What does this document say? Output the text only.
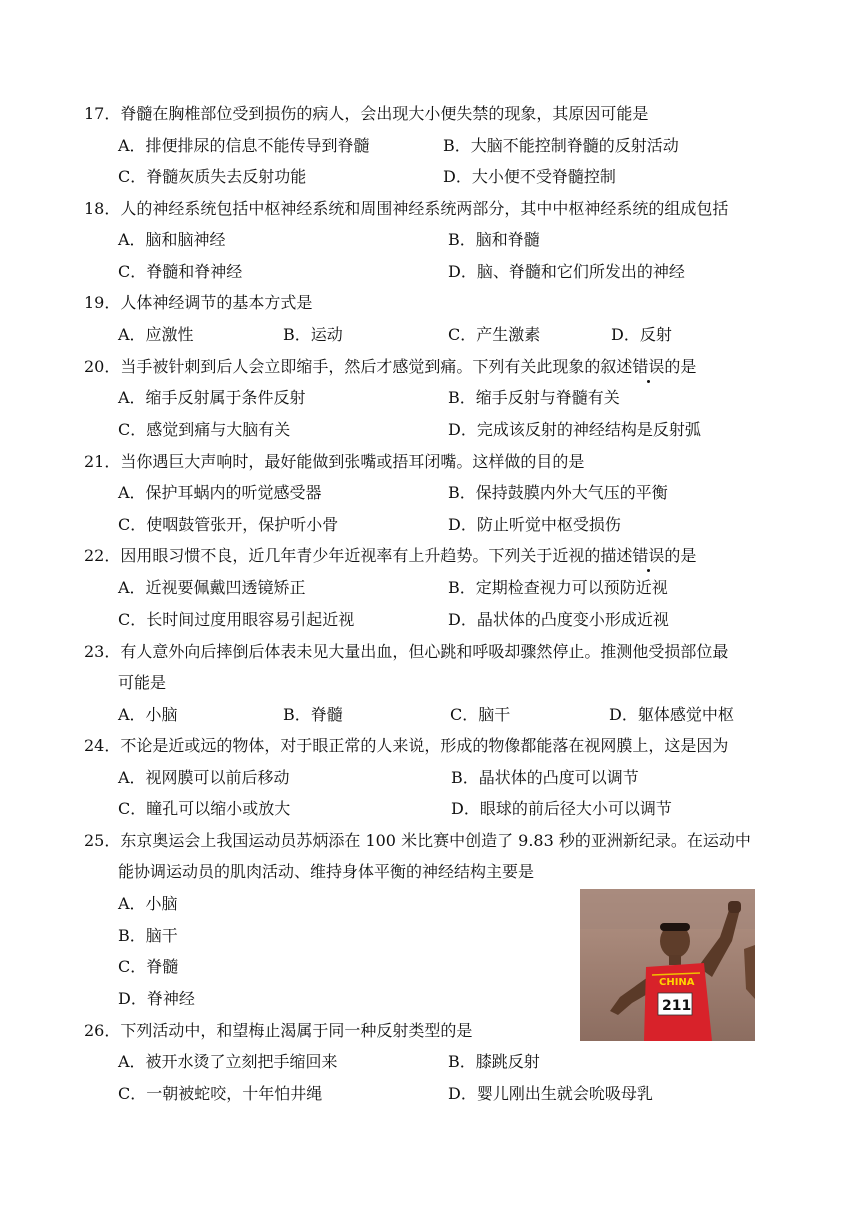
17．脊髓在胸椎部位受到损伤的病人，会出现大小便失禁的现象，其原因可能是
A．排便排尿的信息不能传导到脊髓	B．大脑不能控制脊髓的反射活动
C．脊髓灰质失去反射功能	D．大小便不受脊髓控制
18．人的神经系统包括中枢神经系统和周围神经系统两部分，其中中枢神经系统的组成包括
A．脑和脑神经	B．脑和脊髓
C．脊髓和脊神经	D．脑、脊髓和它们所发出的神经
19．人体神经调节的基本方式是
A．应激性	B．运动	C．产生激素	D．反射
20．当手被针刺到后人会立即缩手，然后才感觉到痛。下列有关此现象的叙述错误的是
A．缩手反射属于条件反射	B．缩手反射与脊髓有关
C．感觉到痛与大脑有关	D．完成该反射的神经结构是反射弧
21．当你遇巨大声响时，最好能做到张嘴或捂耳闭嘴。这样做的目的是
A．保护耳蜗内的听觉感受器	B．保持鼓膜内外大气压的平衡
C．使咽鼓管张开，保护听小骨	D．防止听觉中枢受损伤
22．因用眼习惯不良，近几年青少年近视率有上升趋势。下列关于近视的描述错误的是
A．近视要佩戴凹透镜矫正	B．定期检查视力可以预防近视
C．长时间过度用眼容易引起近视	D．晶状体的凸度变小形成近视
23．有人意外向后摔倒后体表未见大量出血，但心跳和呼吸却骤然停止。推测他受损部位最
可能是
A．小脑	B．脊髓	C．脑干	D．躯体感觉中枢
24．不论是近或远的物体，对于眼正常的人来说，形成的物像都能落在视网膜上，这是因为
A．视网膜可以前后移动	B．晶状体的凸度可以调节
C．瞳孔可以缩小或放大	D．眼球的前后径大小可以调节
25．东京奥运会上我国运动员苏炳添在 100 米比赛中创造了 9.83 秒的亚洲新纪录。在运动中
能协调运动员的肌肉活动、维持身体平衡的神经结构主要是
A．小脑
B．脑干
C．脊髓
D．脊神经
CHINA
211
26．下列活动中，和望梅止渴属于同一种反射类型的是
A．被开水烫了立刻把手缩回来	B．膝跳反射
C．一朝被蛇咬，十年怕井绳	D．婴儿刚出生就会吮吸母乳
